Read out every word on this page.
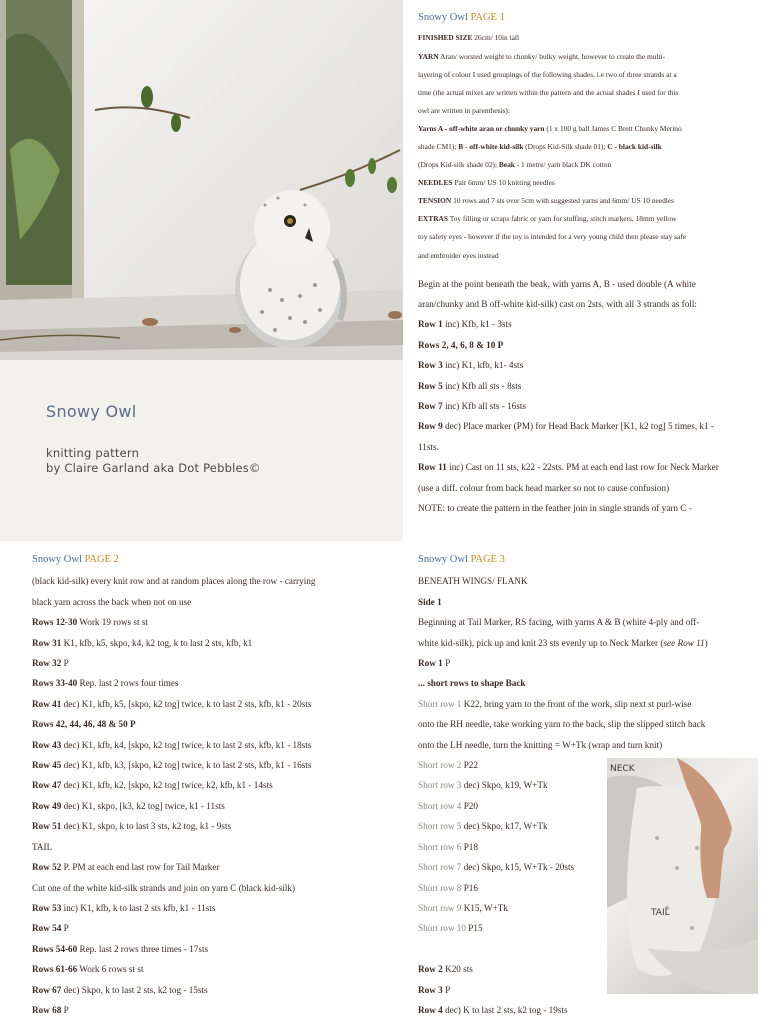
Snowy Owl
knitting pattern
by Claire Garland aka Dot Pebbles©

Snowy Owl PAGE 1

FINISHED SIZE 26cm/ 10in tall

YARN Aran/ worsted weight to chunky/ bulky weight, however to create the multi-

layering of colour I used groupings of the following shades, i.e two of three strands at a

time (the actual mixes are written within the pattern and the actual shades I used for this

owl are written in parenthesis):

Yarns A - off-white aran or chunky yarn (1 x 100 g ball James C Brett Chunky Merino

shade CM1); B - off-white kid-silk (Drops Kid-Silk shade 01); C - black kid-silk

(Drops Kid-silk shade 02); Beak - 1 metre/ yarn black DK cotton

NEEDLES Pair 6mm/ US 10 knitting needles

TENSION 10 rows and 7 sts over 5cm with suggested yarns and 6mm/ US 10 needles

EXTRAS Toy filling or scraps fabric or yarn for stuffing, stitch markers, 18mm yellow

toy safety eyes - however if the toy is intended for a very young child then please stay safe

and embroider eyes instead

Begin at the point beneath the beak, with yarns A, B - used double (A white

aran/chunky and B off-white kid-silk) cast on 2sts, with all 3 strands as foll:

Row 1 inc) Kfb, k1 - 3sts

Rows 2, 4, 6, 8 & 10 P

Row 3 inc) K1, kfb, k1- 4sts

Row 5 inc) Kfb all sts - 8sts

Row 7 inc) Kfb all sts - 16sts

Row 9 dec) Place marker (PM) for Head Back Marker [K1, k2 tog] 5 times, k1 -

11sts.

Row 11 inc) Cast on 11 sts, k22 - 22sts. PM at each end last row for Neck Marker

(use a diff. colour from back head marker so not to cause confusion)

NOTE: to create the pattern in the feather join in single strands of yarn C -

Snowy Owl PAGE 2

(black kid-silk) every knit row and at random places along the row - carrying

black yarn across the back when not on use

Rows 12-30 Work 19 rows st st

Row 31 K1, kfb, k5, skpo, k4, k2 tog, k to last 2 sts, kfb, k1

Row 32 P

Rows 33-40 Rep. last 2 rows four times

Row 41 dec) K1, kfb, k5, [skpo, k2 tog] twice, k to last 2 sts, kfb, k1 - 20sts

Rows 42, 44, 46, 48 & 50 P

Row 43 dec) K1, kfb, k4, [skpo, k2 tog] twice, k to last 2 sts, kfb, k1 - 18sts

Row 45 dec) K1, kfb, k3, [skpo, k2 tog] twice, k to last 2 sts, kfb, k1 - 16sts

Row 47 dec) K1, kfb, k2, [skpo, k2 tog] twice, k2, kfb, k1 - 14sts

Row 49 dec) K1, skpo, [k3, k2 tog] twice, k1 - 11sts

Row 51 dec) K1, skpo, k to last 3 sts, k2 tog, k1 - 9sts

TAIL

Row 52 P. PM at each end last row for Tail Marker

Cut one of the white kid-silk strands and join on yarn C (black kid-silk)

Row 53 inc) K1, kfb, k to last 2 sts kfb, k1 - 11sts

Row 54 P

Rows 54-60 Rep. last 2 rows three times - 17sts

Rows 61-66 Work 6 rows st st

Row 67 dec) Skpo, k to last 2 sts, k2 tog - 15sts

Row 68 P

Snowy Owl PAGE 3

BENEATH WINGS/ FLANK

Side 1

Beginning at Tail Marker, RS facing, with yarns A & B (white 4-ply and off-

white kid-silk), pick up and knit 23 sts evenly up to Neck Marker (see Row 11)

Row 1 P

... short rows to shape Back

Short row 1 K22, bring yarn to the front of the work, slip next st purl-wise

onto the RH needle, take working yarn to the back, slip the slipped stitch back

onto the LH needle, turn the knitting = W+Tk (wrap and turn knit)

Short row 2 P22

Short row 3 dec) Skpo, k19, W+Tk

Short row 4 P20

Short row 5 dec) Skpo, k17, W+Tk

Short row 6 P18

Short row 7 dec) Skpo, k15, W+Tk - 20sts

Short row 8 P16

Short row 9 K15, W+Tk

Short row 10 P15

Row 2 K20 sts

Row 3 P

Row 4 dec) K to last 2 sts, k2 tog - 19sts

NECK
TAIL
